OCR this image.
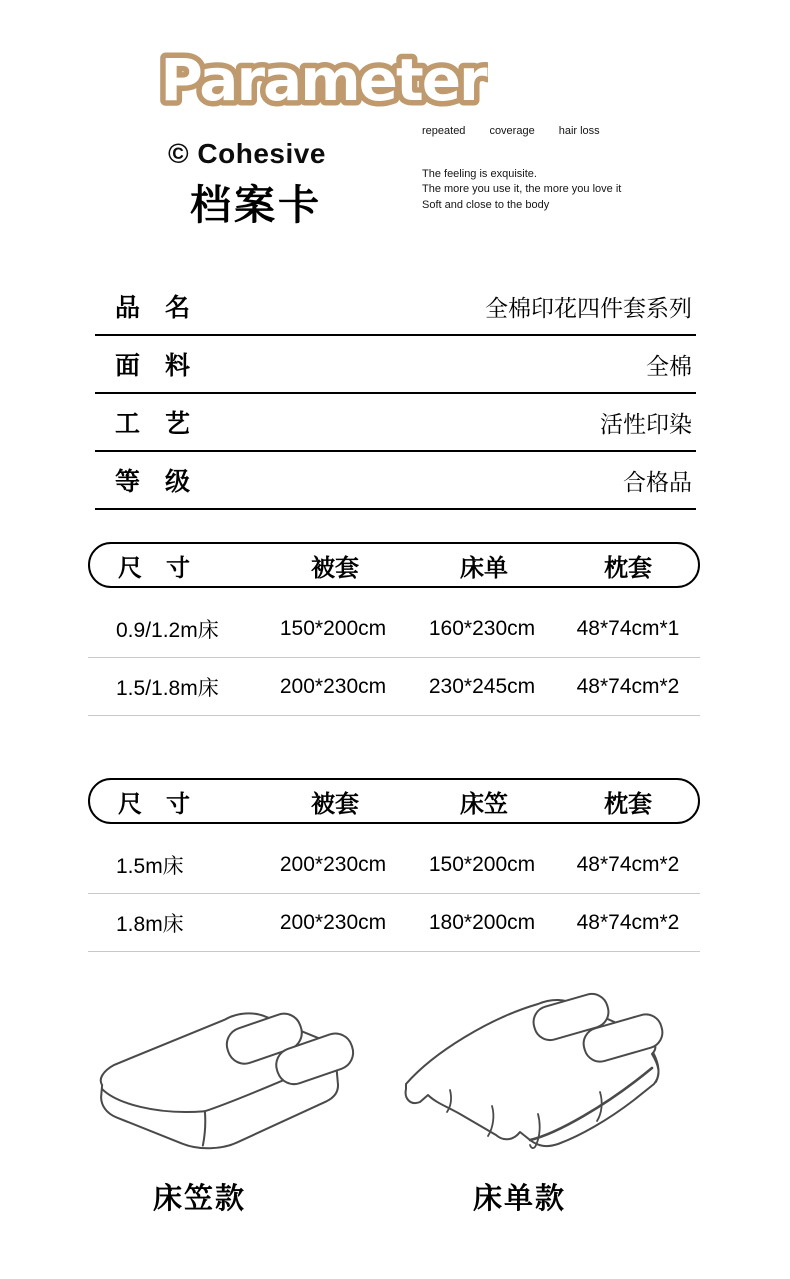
Parameter
© Cohesive
档案卡
repeated coverage hair loss
The feeling is exquisite.
The more you use it, the more you love it
Soft and close to the body
品　名	全棉印花四件套系列
面　料	全棉
工　艺	活性印染
等　级	合格品
尺　寸	被套	床单	枕套
0.9/1.2m床	150*200cm	160*230cm	48*74cm*1
1.5/1.8m床	200*230cm	230*245cm	48*74cm*2
尺　寸	被套	床笠	枕套
1.5m床	200*230cm	150*200cm	48*74cm*2
1.8m床	200*230cm	180*200cm	48*74cm*2
床笠款	床单款
